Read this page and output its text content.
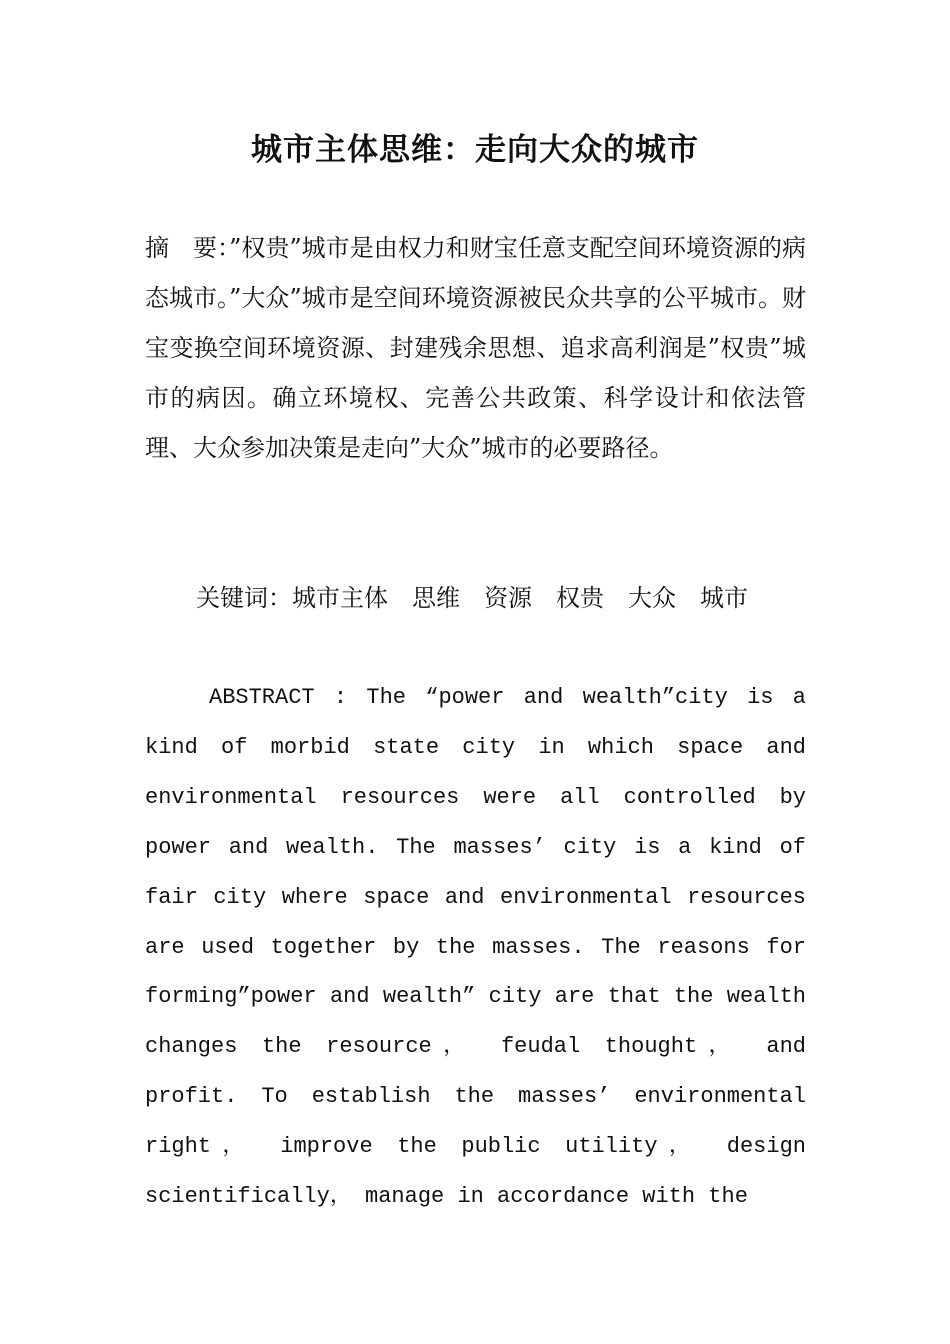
城市主体思维：走向大众的城市

摘　要：”权贵”城市是由权力和财宝任意支配空间环境资源的病态城市。”大众”城市是空间环境资源被民众共享的公平城市。财宝变换空间环境资源、封建残余思想、追求高利润是”权贵”城市的病因。确立环境权、完善公共政策、科学设计和依法管理、大众参加决策是走向”大众”城市的必要路径。

关键词：城市主体　思维　资源　权贵　大众　城市

ABSTRACT : The “power and wealth”city is a kind of morbid state city in which space and environmental resources were all controlled by power and wealth. The masses’ city is a kind of fair city where space and environmental resources are used together by the masses. The reasons for forming”power and wealth” city are that the wealth changes the resource， feudal thought， and profit. To establish the masses’ environmental right， improve the public utility， design scientifically， manage in accordance with the
